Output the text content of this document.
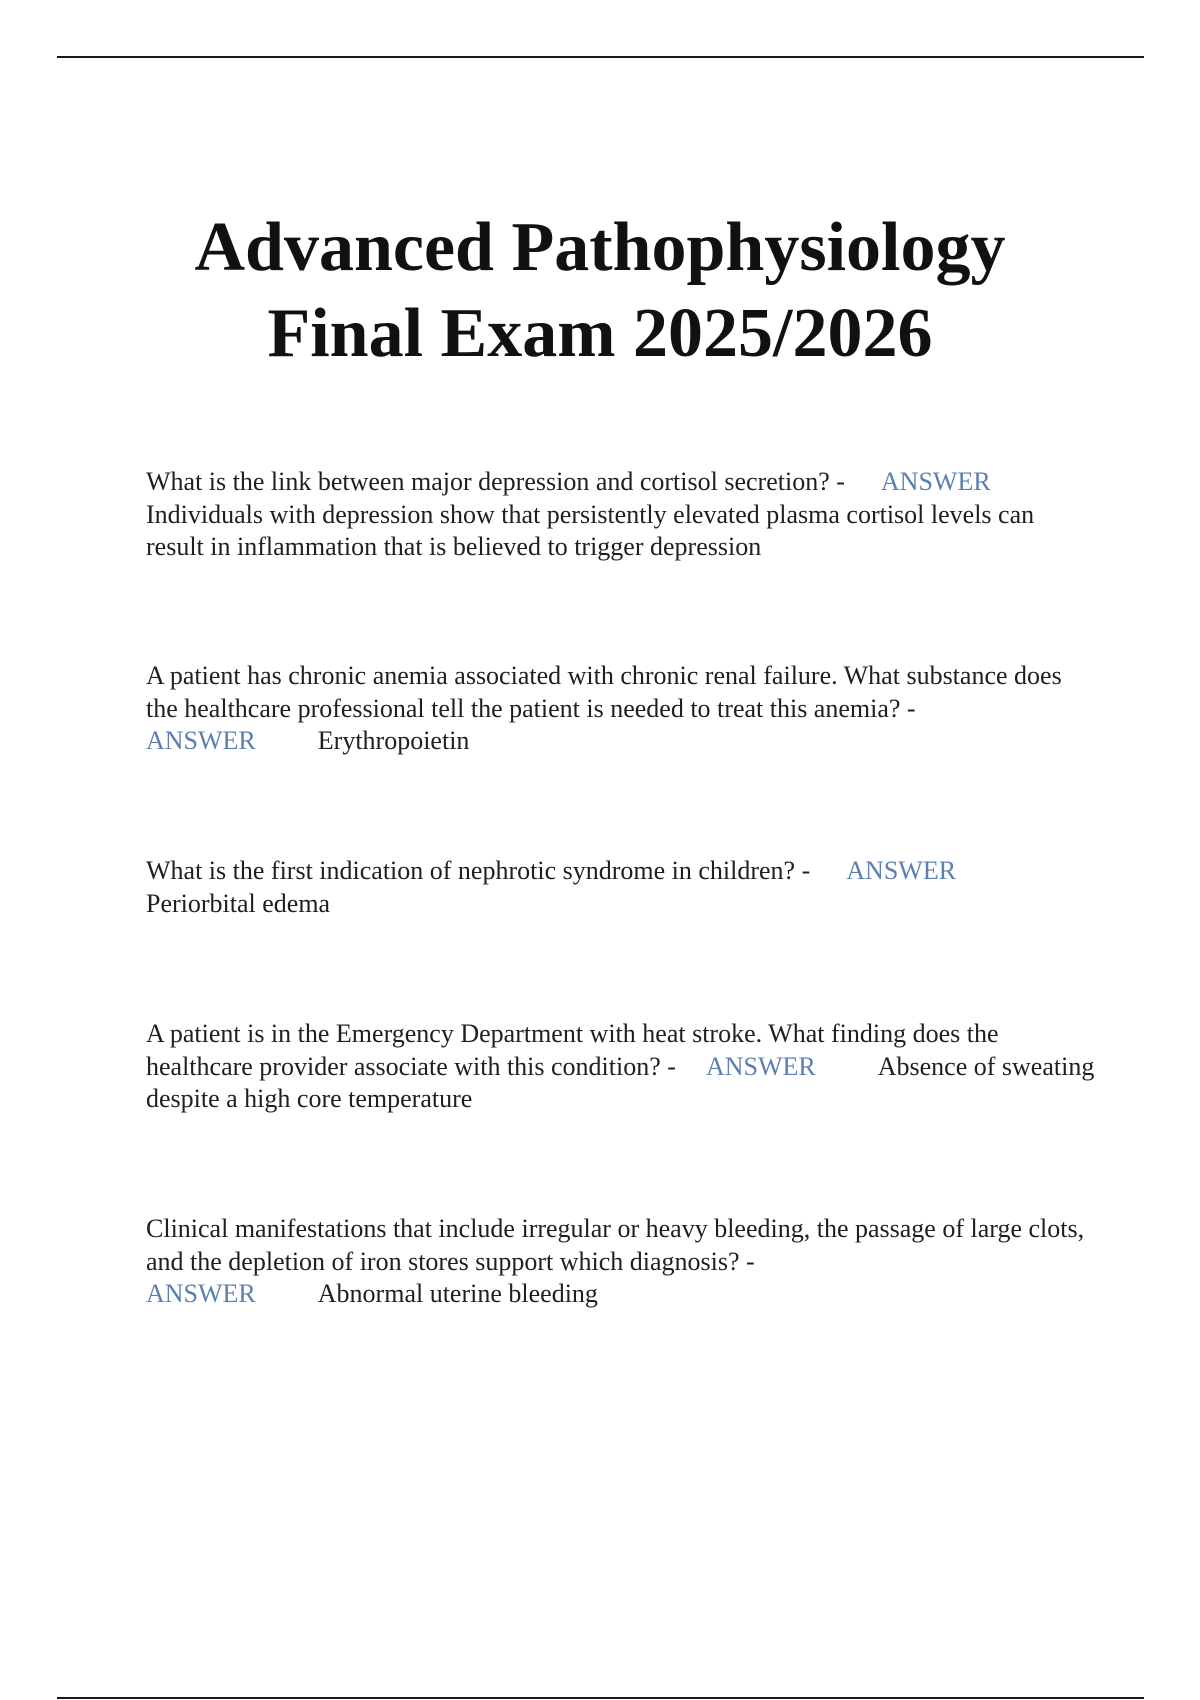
Advanced Pathophysiology
Final Exam 2025/2026
What is the link between major depression and cortisol secretion? - ANSWER
Individuals with depression show that persistently elevated plasma cortisol levels can result in inflammation that is believed to trigger depression
A patient has chronic anemia associated with chronic renal failure. What substance does the healthcare professional tell the patient is needed to treat this anemia? -
ANSWER Erythropoietin
What is the first indication of nephrotic syndrome in children? - ANSWER
Periorbital edema
A patient is in the Emergency Department with heat stroke. What finding does the healthcare provider associate with this condition? - ANSWER Absence of sweating despite a high core temperature
Clinical manifestations that include irregular or heavy bleeding, the passage of large clots, and the depletion of iron stores support which diagnosis? -
ANSWER Abnormal uterine bleeding
